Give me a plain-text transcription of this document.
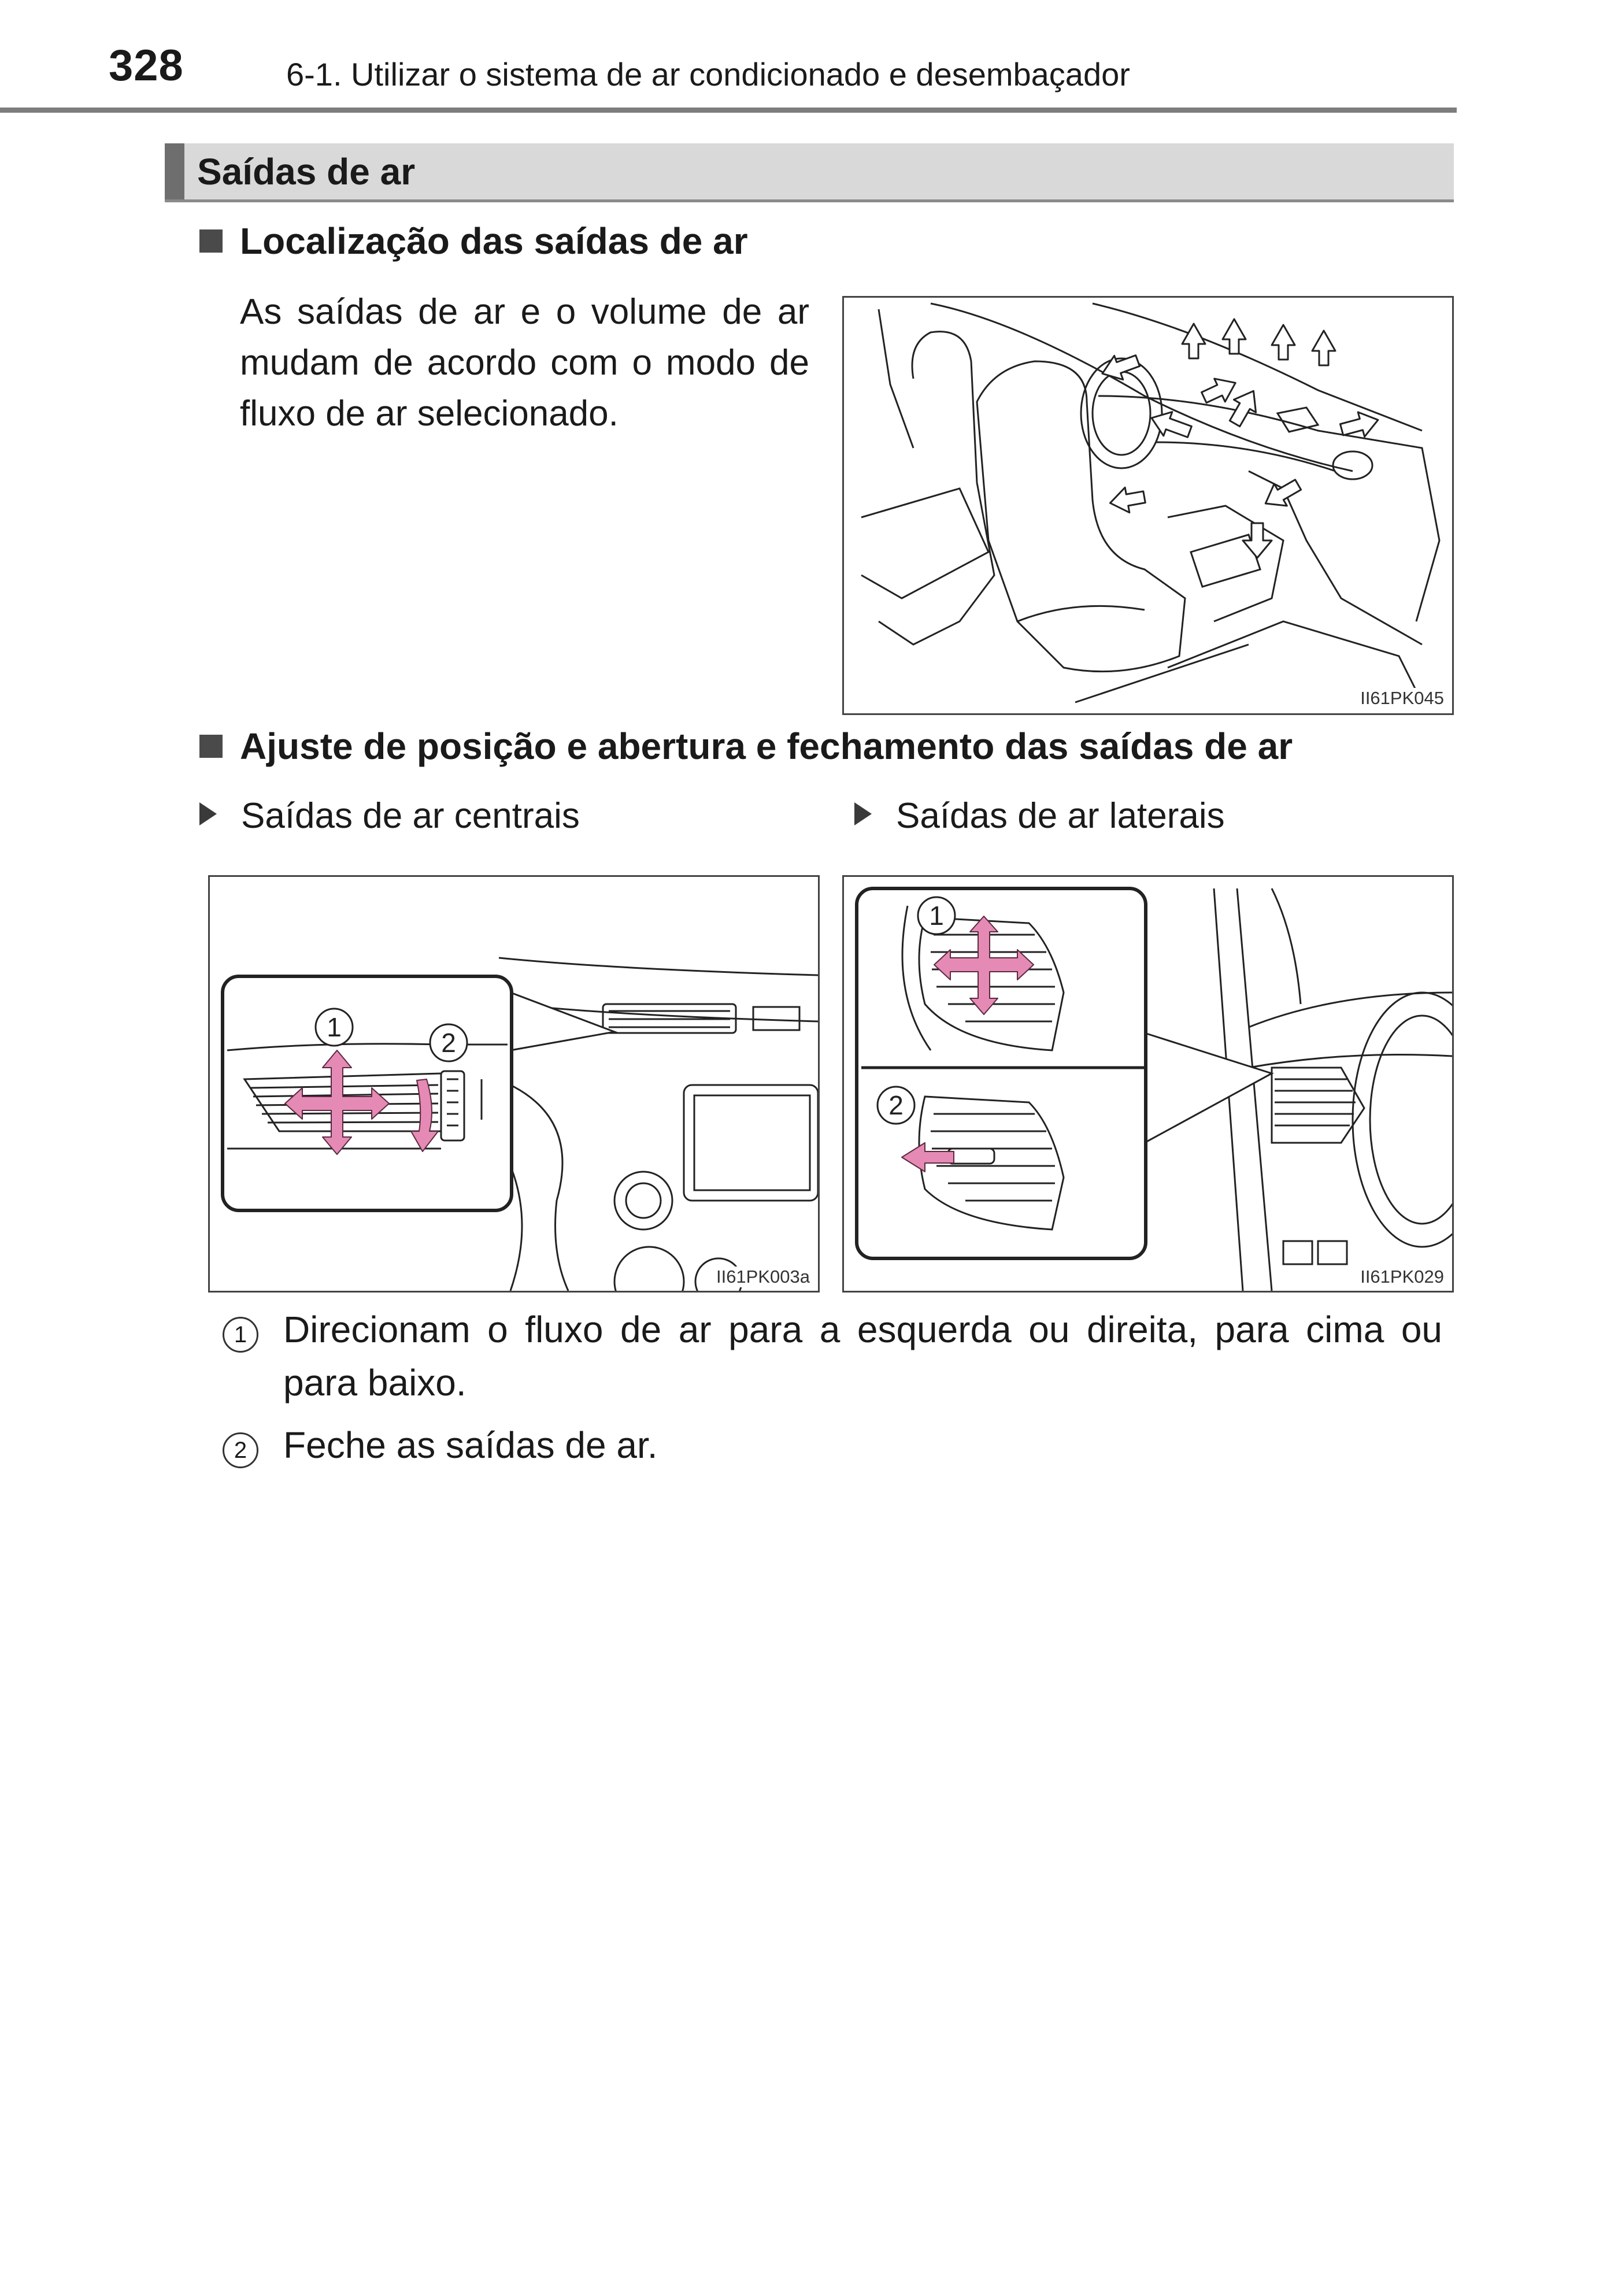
328	6-1. Utilizar o sistema de ar condicionado e desembaçador
Saídas de ar
Localização das saídas de ar
As saídas de ar e o volume de ar mudam de acordo com o modo de fluxo de ar selecionado.
II61PK045
Ajuste de posição e abertura e fechamento das saídas de ar
Saídas de ar centrais	Saídas de ar laterais
1
2
II61PK003a
1
2
II61PK029
1 Direcionam o fluxo de ar para a esquerda ou direita, para cima ou para baixo.
2 Feche as saídas de ar.
